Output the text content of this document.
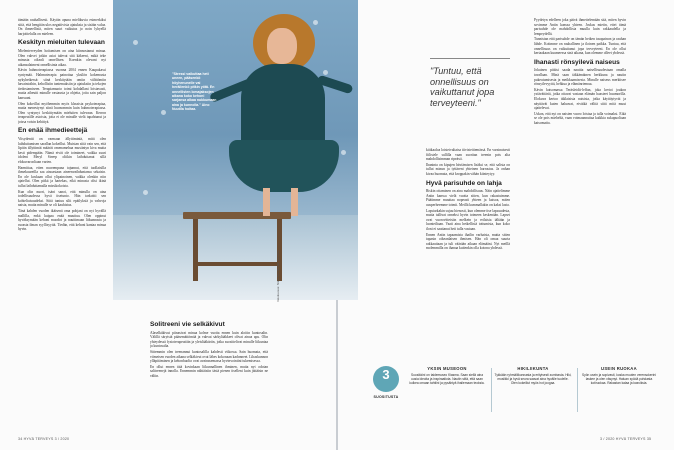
tämään rauhallisesti. Käytän apuna mielikuvia esimerkiksi siitä, että hengitän ulos negatiivisia ajatuksia ja sisään valoa. On ihmeellistä, miten suuri vaikutus jo noin lyhyellä harjoittelulla on mieleen.

Keskityn mieluiten tulevaan

Mielenterveyden hoitamisen on aina kiinnostanut minua. Olen vahvei jotkin asiat tulevat sitä käkeeni, mikä teke minusta oikeali onnellisen. Koenkin olevani nyt aikansalaimeni onnellisinta aikaa.

Kävin hahmoterapiassa vuonna 2004 ennen Kaupukassi syntymää. Hahmoterapia painottaa yksilön kokemusta nykyhetkessä: siinä keskitytään omiin välittömiin havaintoihin, kehollisiin tuntemuksiin ja ajatuksiin ja tekojen tiedostamiseen. Terapiamuoto toimi kohdallani loistavasti, mutta aiheutti minulle vastausta ja ohjeita, joita sain paljon kanssani.

Olen kokeillut myöhemmin myös klassista psykoterapiaa, mutta menestynyt siinä huonommin kuin hahmoterapiassa. Olen syntynyt keskittymään mieluiten tulevaan. Kerron terapeutille asioista, joita ei ole minulle vielä tapahtunut ja joissa voisin kehittyä.

En enää ihmedieettejä

Viisydentti on varmaan ällyttimintä, mitä olen laihduttamisen sarallan kokeillut. Muistan siitä vain sen, että lipitin ällyttimät määrät omenamehua mustintyn kiva mutta kesti pidempään. Nämä eivät ole toimineet, vaikka suuri idoleni Meryl Streep oliikin laihduttanut sillä elokuvarooliaan varten.

Harmittaa, etten nuorempana tajunnut, että tuollaisilla ihmekuureilla saa ainoastaan aineenvaihduntansa sekaisin. En ole koskaan ollut ylipainoinen, vaikka olenkin niin ajatellut. Olen pitkä ja hartekas, eikä minusta olisi ikinä tullut laihduttamalla missikokoista.

Kun olin nuori, isäni sanoi, että minulla on aina todellisuudessa hyvä itsetunto. Hän tarkoitti sen kohteliaisuudeksi. Siitä tuntuu silti epäilyksiä ja vahvoja naisia, mutta minulle se oli kauhistus.

Tänä kahden vuoden ikäisenä oma pohjani on nyt hyvällä mallilla, enkä kaipaa enää muuttua. Olen oppinut hyväksymään kehoni muodot ja nauttimaan liikunnasta ja ruoasta ilman syyllisyyttä. Tiedän, että kehoni kantaa minua hyvin.

"Stressi vaikuttaa heti uneen, pääsenkö höyhenunelle vai heräilenkö pitkin yötä. En onnellisten lomajaksojen aikana koko kehoni sarjansa alkaa nukkumaan aina ja kunnolla." Aino Nuutila hoitaa.
Valokuvaus: Niina Aho Meikki: Jari Aho
Solitreeni vie selkäkivut

Alaselkäkivut piinasivat minua kolme vuotta ennen kuin aloitin kuntosalin. Välillä säryistä pääsemättömää ja vahvat särkylääkkeet olivat ainoa apu. Olin yhteydessä fysioterapeuttiin ja yleislääkäriin, jotka suosittelivat minulle liikuntaa ja kuntosalia.

Sittemmin olen treenannut kuntosalilla kahdesti viikossa. Sain huomata, että viimeisen vuoden aikana selkäkivut ovat lähes kokonaan kadonneet. Lihaskunnon ylläpitäminen ja kehonhuolto ovat avainasemassa hyvinvointini tukemisessa.

En ollut ennen tätä kovinkaan liikunnallinen ihminen, mutta nyt odotan salitreenejä innolla. Ennemmin nähtäisiin tästä pienen itselleni kuin jättäisin ne väliin.

"Tuntuu, että onnellisuus on vaikuttanut jopa terveyteeni."

kiitkaaloa loisteivaltaisa tiivisteitiemässä. En varsinaisesti fiilistele sallilla vaan suoritan treenin pois alta mahdollisimman ripeästi.

Ihaninta on kipujen häviämisen lisäksi se, että salista on tullut minun ja tyttäreni yhteinen harrastus. Ja onhan kivaa huomata, että kroppakin vähän kiinteytyy.

Hyvä parisuhde on lahja

Riskin ottaminen on aina mahdollisuus. Näin ajattelimme Antin kanssa vielä vuotta sitten, kun rakastuimme. Päätimme muuttaa nopeasti yhteen ja katsoa, miten uusperheemme toimii. Meillä kummallakin on kaksi lasta.

Lapsiarkakin sujuu hienosti, kun olemme itse lapsuudesta, mutta tullivat onneksi hyvin toimeen keskenään. Lapset ovat vuorovitteisiin melkein ja erilaisia iältään ja luonteiltaan. Vaati aina hetkellistä tottumista, kun koko iloni ei saattanut heti tulla vastaan.

Ennen Antin tapaamista ihailin varhaista, mutta sitten tapasin oikeanlaisen ihmisen. Hän oli omaa suurta rakkauttaan ja tuli väärään aikaan elämääni. Nyt meillä molemmilla on ihanaa kuitenkin olla kotona yhdessä.

Pyydetyn edelleen joka päivä ihmettelemään sitä, miten hyvin sovimme Antin kanssa yhteen. Joskus mietin, ettei tämä parisuhde ole mahdollista muulla kuin rakkaudella ja lempeydellä.

Tunnistan että parisuhde on tämän hetken tasapainon ja rauhan lähde. Kotimme on rauhallinen ja iloinen paikka. Tuntuu, että onnellisuus on vaikuttanut jopa terveyteeni. En ole ollut kertaakaan kuumeessa sinä aikana, kun olemme olleet yhdessä.

Ihanasti rönsyilevä naiseus

Jokainen pitäisi saada nauttia naisellisuudestaan omalla tavallaan. Minä saan täkkämäinen herkkuna ja nautin pukeutumisesta ja meikkaamisesta. Minulle naiseus merkitsee rönsyilevyyttä, hehkua ja elämänriemua.

Kävin katsomassa Teräsleidit-leffan, joka kertoi joukon ystävättäriä, jotka ottavat vastaan elämän haasteet huumorilla. Elokuva kertoo täklaisista naisista, jotka käyttäytyvät ja näyttävät kuten haluavat, eivätkä välitä siitä mitä muut ajattelevat.

Uskon, että nyt on naisten vuoro loistaa ja tulla voimaksi. Eikä se ole pois mieheltä, vaan voimaannuttaa kaikkia sukupuoliaan katsomatta.

3
SUOSITUSTA
YKSIN MUSEOON

Suosikkini on taidemuseo Kiasma. Saan siellä aina uusia ideoita ja inspiraatiota. Nautin siitä, että saan kulkea omaan tahtiini ja pysähtyä ihailemaan teoksia.

HIKILIIKUNTA

Tykkään ryhmäliikunnasta ja erityisesti zumbasta. Hiki, musiikki ja hyvä seura saavat aina hyvälle tuulelle. Olen kokeillut myös hot joogaa.

USEIN RUOKAA

Syön usein ja sopivasti, koska muuten verensokerini laskee ja olen väsynyt. Haluan syödä puhdasta kotiruokaa. Rakastan kalaa ja kasviksia.

34 HYVÄ TERVEYS 3 / 2020	3 / 2020 HYVÄ TERVEYS 35
